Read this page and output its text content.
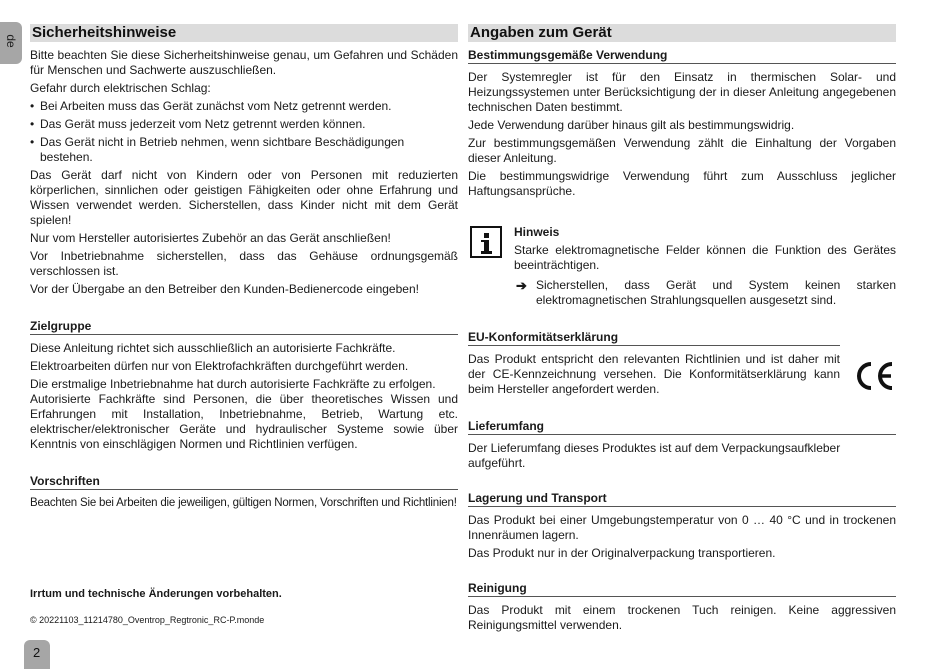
de
2
Sicherheitshinweise

Bitte beachten Sie diese Sicherheitshinweise genau, um Gefahren und Schäden für Menschen und Sachwerte auszuschließen.

Gefahr durch elektrischen Schlag:

• Bei Arbeiten muss das Gerät zunächst vom Netz getrennt werden.
• Das Gerät muss jederzeit vom Netz getrennt werden können.
• Das Gerät nicht in Betrieb nehmen, wenn sichtbare Beschädigungen bestehen.

Das Gerät darf nicht von Kindern oder von Personen mit reduzierten körperlichen, sinnlichen oder geistigen Fähigkeiten oder ohne Erfahrung und Wissen verwendet werden. Sicherstellen, dass Kinder nicht mit dem Gerät spielen!

Nur vom Hersteller autorisiertes Zubehör an das Gerät anschließen!

Vor Inbetriebnahme sicherstellen, dass das Gehäuse ordnungsgemäß verschlossen ist.

Vor der Übergabe an den Betreiber den Kunden-Bedienercode eingeben!

Zielgruppe

Diese Anleitung richtet sich ausschließlich an autorisierte Fachkräfte.

Elektroarbeiten dürfen nur von Elektrofachkräften durchgeführt werden.

Die erstmalige Inbetriebnahme hat durch autorisierte Fachkräfte zu erfolgen.

Autorisierte Fachkräfte sind Personen, die über theoretisches Wissen und Erfahrungen mit Installation, Inbetriebnahme, Betrieb, Wartung etc. elektrischer/elektronischer Geräte und hydraulischer Systeme sowie über Kenntnis von einschlägigen Normen und Richtlinien verfügen.

Vorschriften

Beachten Sie bei Arbeiten die jeweiligen, gültigen Normen, Vorschriften und Richtlinien!

Irrtum und technische Änderungen vorbehalten.
© 20221103_11214780_Oventrop_Regtronic_RC-P.monde
Angaben zum Gerät
Bestimmungsgemäße Verwendung

Der Systemregler ist für den Einsatz in thermischen Solar- und Heizungssystemen unter Berücksichtigung der in dieser Anleitung angegebenen technischen Daten bestimmt.

Jede Verwendung darüber hinaus gilt als bestimmungswidrig.

Zur bestimmungsgemäßen Verwendung zählt die Einhaltung der Vorgaben dieser Anleitung.

Die bestimmungswidrige Verwendung führt zum Ausschluss jeglicher Haftungsansprüche.

Hinweis

Starke elektromagnetische Felder können die Funktion des Gerätes beeinträchtigen.

➔ Sicherstellen, dass Gerät und System keinen starken elektromagnetischen Strahlungsquellen ausgesetzt sind.

EU-Konformitätserklärung

Das Produkt entspricht den relevanten Richtlinien und ist daher mit der CE-Kennzeichnung versehen. Die Konformitätserklärung kann beim Hersteller angefordert werden.

Lieferumfang

Der Lieferumfang dieses Produktes ist auf dem Verpackungsaufkleber aufgeführt.

Lagerung und Transport

Das Produkt bei einer Umgebungstemperatur von 0 … 40 °C und in trockenen Innenräumen lagern.

Das Produkt nur in der Originalverpackung transportieren.

Reinigung

Das Produkt mit einem trockenen Tuch reinigen. Keine aggressiven Reinigungsmittel verwenden.
